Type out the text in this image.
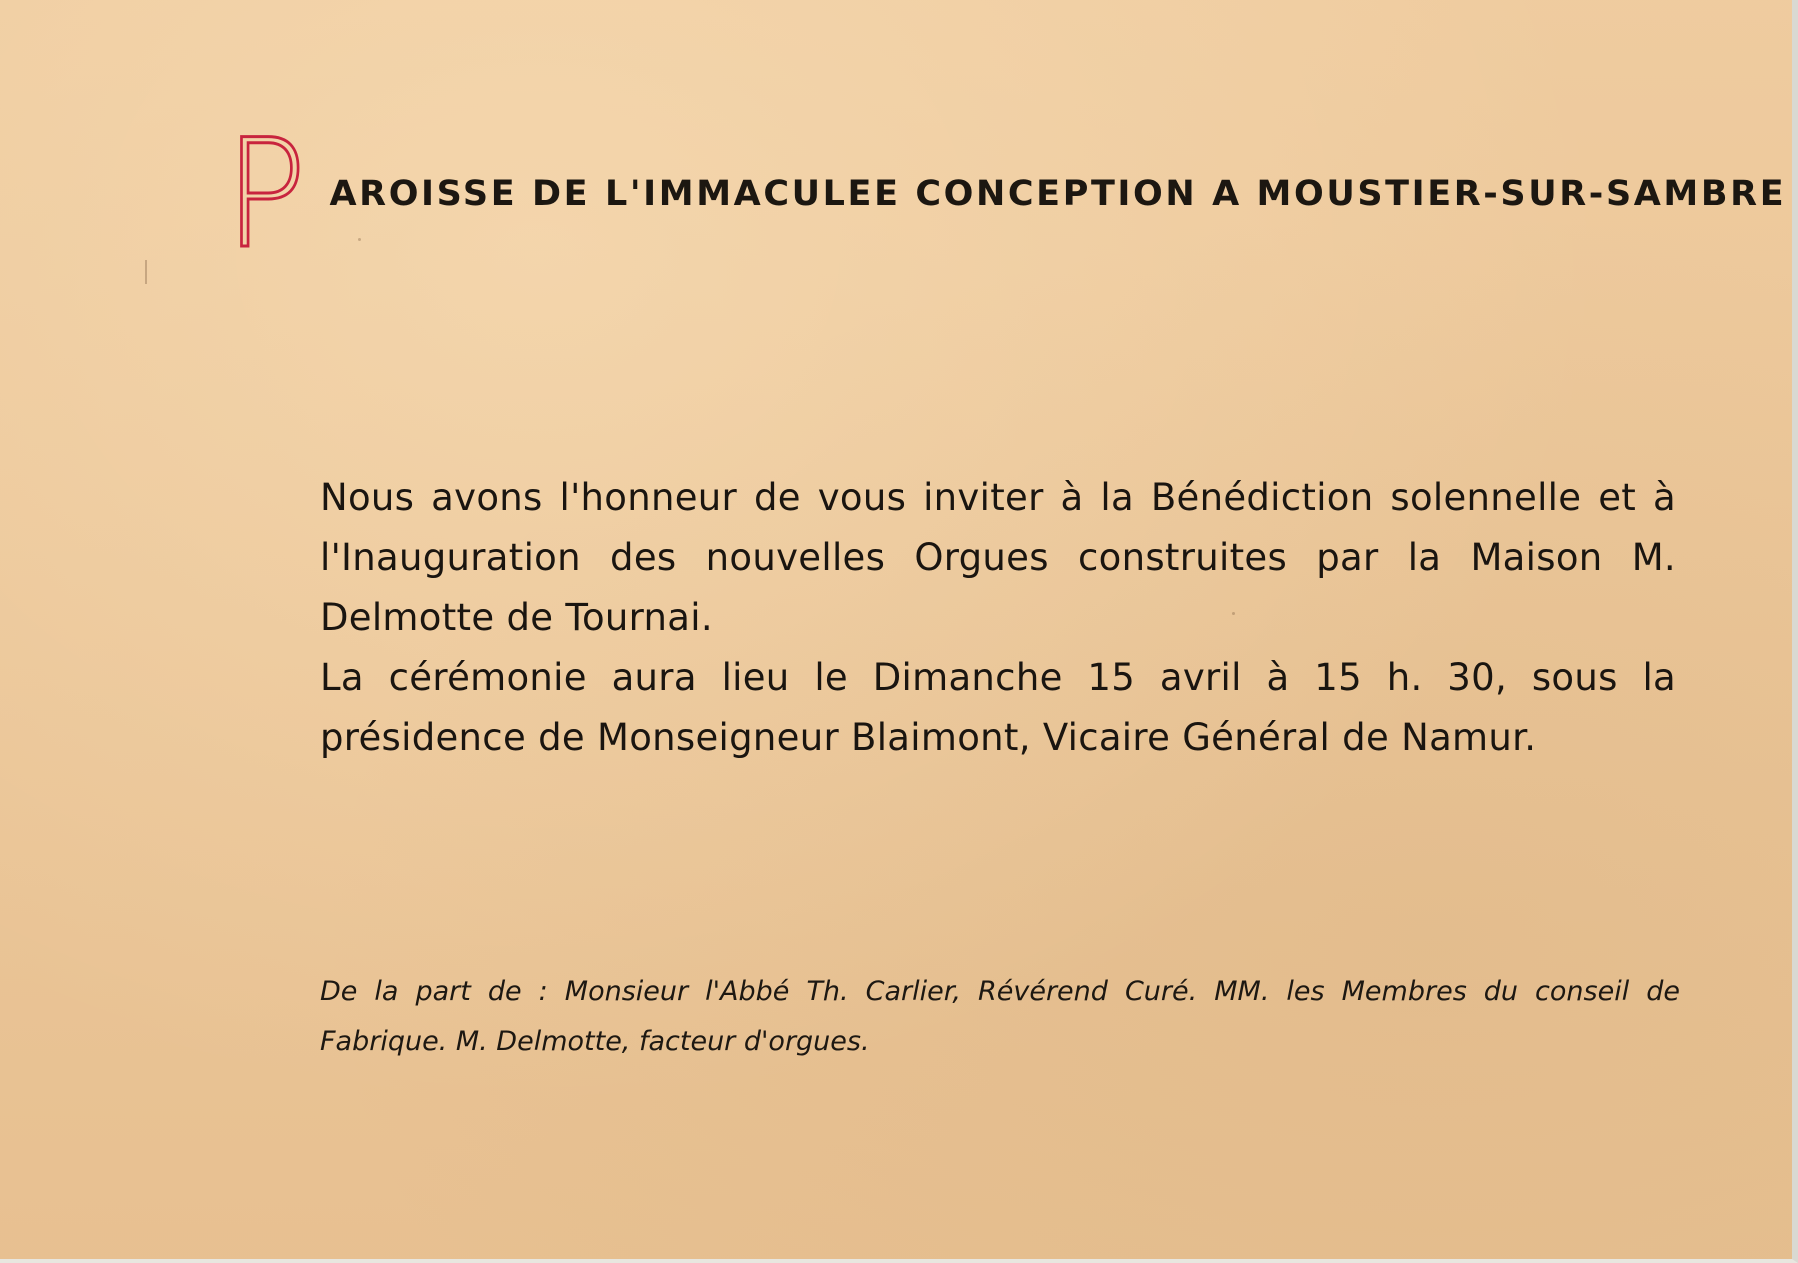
P AROISSE DE L'IMMACULEE CONCEPTION A MOUSTIER-SUR-SAMBRE

Nous avons l'honneur de vous inviter à la Bénédiction solennelle et à l'Inauguration des nouvelles Orgues construites par la Maison M. Delmotte de Tournai.

La cérémonie aura lieu le Dimanche 15 avril à 15 h. 30, sous la présidence de Monseigneur Blaimont, Vicaire Général de Namur.

De la part de : Monsieur l'Abbé Th. Carlier, Révérend Curé. MM. les Membres du conseil de Fabrique. M. Delmotte, facteur d'orgues.
